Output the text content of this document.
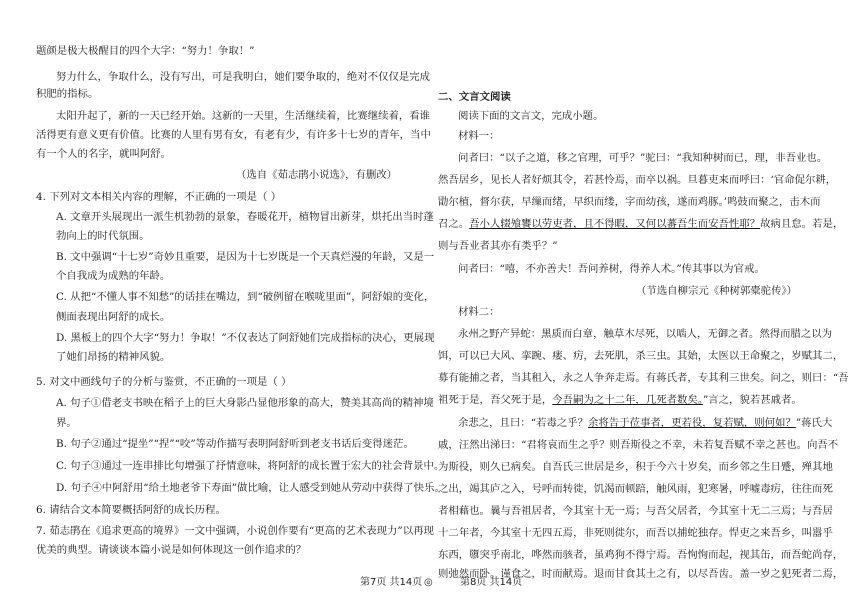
题颜是极大极醒目的四个大字：“努力！争取！”
努力什么，争取什么，没有写出，可是我明白，她们要争取的，绝对不仅仅是完成
积肥的指标。
太阳升起了，新的一天已经开始。这新的一天里，生活继续着，比赛继续着，看谁
活得更有意义更有价值。比赛的人里有男有女，有老有少，有许多十七岁的青年，当中
有一个人的名字，就叫阿舒。
（选自《茹志鹃小说选》，有删改）
4. 下列对文本相关内容的理解，不正确的一项是（ ）
A. 文章开头展现出一派生机勃勃的景象，春暖花开，植物冒出新芽，烘托出当时蓬
勃向上的时代氛围。
B. 文中强调“十七岁”奇妙且重要，是因为十七岁既是一个天真烂漫的年龄，又是一
个自我成为成熟的年龄。
C. 从把“不懂人事不知愁”的话挂在嘴边，到“破例留在喉咙里面”，阿舒娘的变化，
侧面表现出阿舒的成长。
D. 黑板上的四个大字“努力！争取！”不仅表达了阿舒她们完成指标的决心，更展现
了她们昂扬的精神风貌。
5. 对文中画线句子的分析与鉴赏，不正确的一项是（ ）
A. 句子①借老支书映在稻子上的巨大身影凸显他形象的高大，赞美其高尚的精神境
界。
B. 句子②通过“提坐”“捏”“咬”等动作描写表明阿舒听到老支书话后变得迷茫。
C. 句子③通过一连串排比句增强了抒情意味，将阿舒的成长置于宏大的社会背景中。
D. 句子④中阿舒用“给土地老爷下寿面”做比喻，让人感受到她从劳动中获得了快乐。
6. 请结合文本简要概括阿舒的成长历程。
7. 茹志鹃在《追求更高的境界》一文中强调，小说创作要有“更高的艺术表现力”以再现
优美的典型。请谈谈本篇小说是如何体现这一创作追求的？
二、文言文阅读
阅读下面的文言文，完成小题。
材料一：
问者曰：“以子之道，移之官理，可乎？”驼曰：“我知种树而已，理，非吾业也。
然吾居乡，见长人者好烦其令，若甚怜焉，而卒以祸。旦暮吏来而呼曰：‘官命促尔耕，
勖尔植，督尔获，早缫而绪，早织而缕，字而幼孩，遂而鸡豚。’鸣鼓而聚之，击木而
召之。吾小人辍飧饔以劳吏者，且不得暇，又何以蕃吾生而安吾性耶？故病且怠。若是，
则与吾业者其亦有类乎？”
问者曰：“嘻，不亦善夫！吾问养树，得养人术。”传其事以为官戒。
（节选自柳宗元《种树郭橐驼传》）
材料二：
永州之野产异蛇：黑质而白章，触草木尽死，以啮人，无御之者。然得而腊之以为
饵，可以已大风、挛踠、瘘、疠，去死肌，杀三虫。其始，太医以王命聚之，岁赋其二，
募有能捕之者，当其租入，永之人争奔走焉。有蒋氏者，专其利三世矣。问之，则曰：“吾
祖死于是，吾父死于是，今吾嗣为之十二年，几死者数矣。”言之，貌若甚戚者。
余悲之，且曰：“若毒之乎？余将告于莅事者，更若役，复若赋，则何如？”蒋氏大
戚，汪然出涕曰：“君将哀而生之乎？则吾斯役之不幸，未若复吾赋不幸之甚也。向吾不
为斯役，则久已病矣。自吾氏三世居是乡，积于今六十岁矣，而乡邻之生日蹙，殚其地
之出，竭其庐之入，号呼而转徙，饥渴而顿踣，触风雨，犯寒暑，呼嘘毒疠，往往而死
者相藉也。曩与吾祖居者，今其室十无一焉；与吾父居者，今其室十无二三焉；与吾居
十二年者，今其室十无四五焉，非死则徙尔，而吾以捕蛇独存。悍吏之来吾乡，叫嚣乎
东西，隳突乎南北，哗然而骇者，虽鸡狗不得宁焉。吾恂恂而起，视其缶，而吾蛇尚存，
则弛然而卧。谨食之，时而献焉。退而甘食其土之有，以尽吾齿。盖一岁之犯死者二焉，
第7页 共14页 ◎	第8页 共14页
